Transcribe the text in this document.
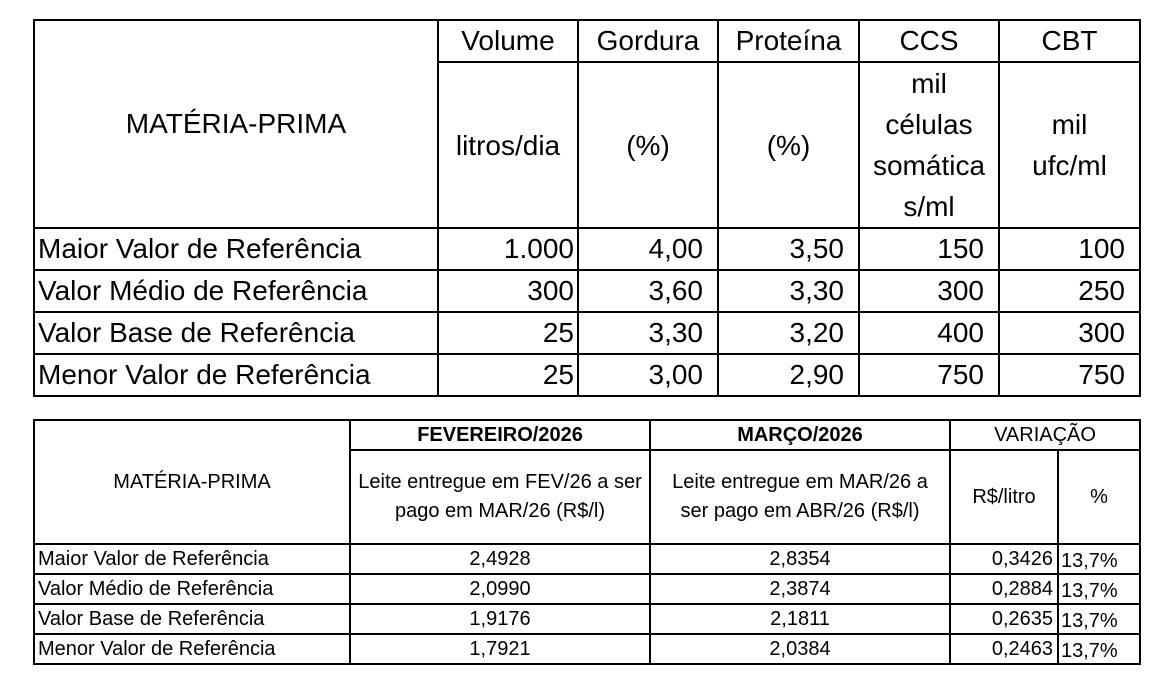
MATÉRIA-PRIMA	Volume	Gordura	Proteína	CCS	CBT
	litros/dia	(%)	(%)	mil células somática s/ml	mil ufc/ml
Maior Valor de Referência	1.000	4,00	3,50	150	100
Valor Médio de Referência	300	3,60	3,30	300	250
Valor Base de Referência	25	3,30	3,20	400	300
Menor Valor de Referência	25	3,00	2,90	750	750
MATÉRIA-PRIMA	FEVEREIRO/2026	MARÇO/2026	VARIAÇÃO	
	Leite entregue em FEV/26 a ser pago em MAR/26 (R$/l)	Leite entregue em MAR/26 a ser pago em ABR/26 (R$/l)	R$/litro	%
Maior Valor de Referência	2,4928	2,8354	0,3426	13,7%
Valor Médio de Referência	2,0990	2,3874	0,2884	13,7%
Valor Base de Referência	1,9176	2,1811	0,2635	13,7%
Menor Valor de Referência	1,7921	2,0384	0,2463	13,7%
